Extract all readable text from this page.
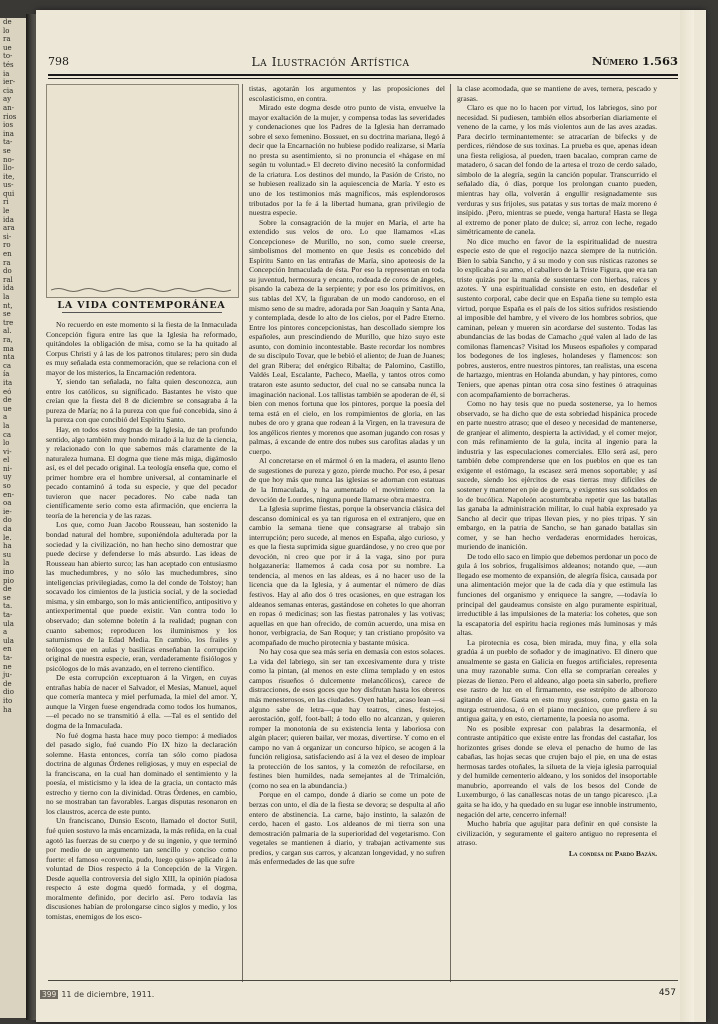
de
lo
ra
ue
to-
tés
ia
ier-
cia
ay
an-
rios
ios
ina
ta-
se
no-
llo-
ite,
us-
qui
ri
le
ida
ara
si-
ro
en
ra
do
ral
ida
la
nt,
se
tre
al.
ra,
ma
nta
ca
ía
ita
eó
de
ue
a
la
ca
lo
vi-
el
ni-
uy
so
en-
oa
ie-
do
da
le.
ha
su
la
ino
pio
de
se
ta.
ta-
ula
a
ula
en
ta-
ne
ju-
de
dio
ito
ha
798	La Ilustración Artística	Número 1.563
LA VIDA CONTEMPORÁNEA

No recuerdo en este momento si la fiesta de la Inmaculada Concepción figura entre las que la Iglesia ha reformado, quitándoles la obligación de misa, como se la ha quitado al Corpus Christi y á las de los patronos titulares; pero sin duda es muy señalada esta conmemoración, que se relaciona con el mayor de los misterios, la Encarnación redentora.

Y, siendo tan señalada, no falta quien desconozca, aun entre los católicos, su significado. Bastantes he visto que creían que la fiesta del 8 de diciembre se consagraba á la pureza de María; no á la pureza con que fué concebida, sino á la pureza con que concibió del Espíritu Santo.

Hay, en todos estos dogmas de la Iglesia, de tan profundo sentido, algo también muy hondo mirado á la luz de la ciencia, y relacionado con lo que sabemos más claramente de la naturaleza humana. El dogma que tiene más miga, digámoslo así, es el del pecado original. La teología enseña que, como el primer hombre era el hombre universal, al contaminarle el pecado contaminó á toda su especie, y que del pecador tuvieron que nacer pecadores. No cabe nada tan científicamente serio como esta afirmación, que encierra la teoría de la herencia y de las razas.

Los que, como Juan Jacobo Rousseau, han sostenido la bondad natural del hombre, suponiéndola adulterada por la sociedad y la civilización, no han hecho sino demostrar que puede decirse y defenderse lo más absurdo. Las ideas de Rousseau han abierto surco; las han aceptado con entusiasmo las muchedumbres, y no sólo las muchedumbres, sino inteligencias privilegiadas, como la del conde de Tolstoy; han socavado los cimientos de la justicia social, y de la sociedad misma, y sin embargo, son lo más anticientífico, antipositivo y antiexperimental que puede existir. Van contra todo lo observado; dan solemne boletín á la realidad; pugnan con cuanto sabemos; reproducen los iluminismos y los saturnismos de la Edad Media. En cambio, los frailes y teólogos que en aulas y basílicas enseñaban la corrupción original de nuestra especie, eran, verdaderamente fisiólogos y psicólogos de lo más avanzado, en el terreno científico.

De esta corrupción exceptuaron á la Virgen, en cuyas entrañas había de nacer el Salvador, el Mesías, Manuel, aquel que comería manteca y miel perfumada, la miel del amor. Y, aunque la Virgen fuese engendrada como todos los humanos, —el pecado no se transmitió á ella. —Tal es el sentido del dogma de la Inmaculada.

No fué dogma hasta hace muy poco tiempo: á mediados del pasado siglo, fué cuando Pío IX hizo la declaración solemne. Hasta entonces, corría tan sólo como piadosa doctrina de algunas Órdenes religiosas, y muy en especial de la franciscana, en la cual han dominado el sentimiento y la poesía, el misticismo y la idea de la gracia, un contacto más estrecho y tierno con la divinidad. Otras Órdenes, en cambio, no se mostraban tan favorables. Largas disputas resonaron en los claustros, acerca de este punto.

Un franciscano, Dunsio Escoto, llamado el doctor Sutil, fué quien sostuvo la más encarnizada, la más reñida, en la cual agotó las fuerzas de su cuerpo y de su ingenio, y que terminó por medio de un argumento tan sencillo y conciso como fuerte: el famoso «convenía, pudo, luego quiso» aplicado á la voluntad de Dios respecto á la Concepción de la Virgen. Desde aquella controversia del siglo XIII, la opinión piadosa respecto á este dogma quedó formada, y el dogma, moralmente definido, por decirlo así. Pero todavía las discusiones habían de prolongarse cinco siglos y medio, y los tomistas, enemigos de los esco-

tistas, agotarán los argumentos y las proposiciones del escolasticismo, en contra.

Mirado este dogma desde otro punto de vista, envuelve la mayor exaltación de la mujer, y compensa todas las severidades y condenaciones que los Padres de la Iglesia han derramado sobre el sexo femenino. Bossuet, en su doctrina mariana, llegó á decir que la Encarnación no hubiese podido realizarse, si María no presta su asentimiento, si no pronuncia el «hágase en mí según tu voluntad.» El decreto divino necesitó la conformidad de la criatura. Los destinos del mundo, la Pasión de Cristo, no se hubiesen realizado sin la aquiescencia de María. Y esto es uno de los testimonios más magníficos, más esplendorosos tributados por la fe á la libertad humana, gran privilegio de nuestra especie.

Sobre la consagración de la mujer en María, el arte ha extendido sus velos de oro. Lo que llamamos «Las Concepciones» de Murillo, no son, como suele creerse, simbolismos del momento en que Jesús es concebido del Espíritu Santo en las entrañas de María, sino apoteosis de la Concepción Inmaculada de ésta. Por eso la representan en toda su juventud, hermosura y encanto, rodeada de coros de ángeles, pisando la cabeza de la serpiente; y por eso los primitivos, en sus tablas del XV, la figuraban de un modo candoroso, en el mismo seno de su madre, adorada por San Joaquín y Santa Ana, y contemplada, desde lo alto de los cielos, por el Padre Eterno. Entre los pintores concepcionistas, han descollado siempre los españoles, aun prescindiendo de Murillo, que hizo suyo este asunto, con dominio incontestable. Baste recordar los nombres de su discípulo Tovar, que le bebió el aliento; de Juan de Juanes; del gran Ribera; del enérgico Ribalta; de Palomino, Castillo, Valdés Leal, Escalante, Pacheco, Maella, y tantos otros como trataron este asunto seductor, del cual no se cansaba nunca la imaginación nacional. Los tallistas también se apoderan de él, si bien con menos fortuna que los pintores, porque la poesía del tema está en el cielo, en los rompimientos de gloria, en las nubes de oro y grana que rodean á la Virgen, en la travesura de los angélicos rientes y morenos que asoman jugando con rosas y palmas, á excande de entre dos nubes sus carofitas aladas y un cuerpo.

Al concretarse en el mármol ó en la madera, el asunto lleno de sugestiones de pureza y gozo, pierde mucho. Por eso, á pesar de que hoy más que nunca las iglesias se adornan con estatuas de la Inmaculada, y ha aumentado el movimiento con la devoción de Lourdes, ninguna puede llamarse obra maestra.

La Iglesia suprime fiestas, porque la observancia clásica del descanso dominical es ya tan rigurosa en el extranjero, que en cambio la semana tiene que consagrarse al trabajo sin interrupción; pero sucede, al menos en España, algo curioso, y es que la fiesta suprimida sigue guardándose, y no creo que por devoción, ni creo que por ir á la vaga, sino por pura holgazanería: llamemos á cada cosa por su nombre. La tendencia, al menos en las aldeas, es á no hacer uso de la licencia que da la Iglesia, y á aumentar el número de días festivos. Hay al año dos ó tres ocasiones, en que estragan los aldeanos semanas enteras, gastándose en cohetes lo que ahorran en ropas ó medicinas; son las fiestas patronales y las votivas; aquellas en que han ofrecido, de común acuerdo, una misa en honor, verbigracia, de San Roque; y tan cristiano propósito va acompañado de mucho pirotecnia y bastante música.

No hay cosa que sea más seria en demasía con estos solaces. La vida del labriego, sin ser tan excesivamente dura y triste como la pintan, (al menos en este clima templado y en estos campos risueños ó dulcemente melancólicos), carece de distracciones, de esos goces que hoy disfrutan hasta los obreros más menesterosos, en las ciudades. Oyen hablar, acaso lean —si alguno sabe de letra—que hay teatros, cines, festejos, aerostación, golf, foot-ball; á todo ello no alcanzan, y quieren romper la monotonía de su existencia lenta y laboriosa con algún placer; quieren bailar, ver mozas, divertirse. Y como en el campo no van á organizar un concurso hípico, se acogen á la función religiosa, satisfaciendo así á la vez el deseo de imploar la protección de los santos, y la comezón de refocilarse, en festines bien humildes, nada semejantes al de Trimalción, (como no sea en la abundancia.)

Porque en el campo, donde á diario se come un pote de berzas con unto, el día de la fiesta se devora; se despulta al año entero de abstinencia. La carne, bajo instinto, la salazón de cerdo, hacen el gasto. Los aldeanos de mi tierra son una demostración palmaria de la superioridad del vegetarismo. Con vegetales se mantienen á diario, y trabajan activamente sus predios, y cargan sus carros, y alcanzan longevidad, y no sufren más enfermedades de las que sufre

la clase acomodada, que se mantiene de aves, ternera, pescado y grasas.

Claro es que no lo hacen por virtud, los labriegos, sino por necesidad. Si pudiesen, también ellos absorberían diariamente el veneno de la carne, y los más violentos aun de las aves azadas. Para decirlo terminantemente: se atracarían de bifecks y de perdices, riéndose de sus toxinas. La prueba es que, apenas idean una fiesta religiosa, al pueden, traen bacalao, compran carne de matadero, ó sacan del fondo de la artesa el trozo de cerdo salado, símbolo de la alegría, según la canción popular. Transcurrido el señalado día, ó días, porque los prolongan cuanto pueden, mientras hay olla, volverán á engullir resignadamente sus verduras y sus frijoles, sus patatas y sus tortas de maíz moreno é insípido. ¡Pero, mientras se puede, venga hartura! Hasta se llega al extremo de poner plato de dulce; sí, arroz con leche, regado simétricamente de canela.

No dice mucho en favor de la espiritualidad de nuestra especie esto de que el regocijo nazca siempre de la nutrición. Bien lo sabía Sancho, y á su modo y con sus rústicas razones se lo explicaba á su amo, el caballero de la Triste Figura, que era tan triste quizás por la manía de sustentarse con hierbas, raíces y azotes. Y una espiritualidad consiste en esto, en desdeñar el sustento corporal, cabe decir que en España tiene su templo esta virtud, porque España es el país de los sitios sufridos resistiendo al imposible del hambre, y el vivero de los hombres sobrios, que caminan, pelean y mueren sin acordarse del sustento. Todas las abundancias de las bodas de Camacho ¿qué valen al lado de las comilonas flamencas? Visitad los Museos españoles y comparad los bodegones de los ingleses, holandeses y flamencos: son pobres, austeros, entre nuestros pintores, tan realistas, una escena de hartazgo, mientras en Holanda abundan, y hay pintores, como Teniers, que apenas pintan otra cosa sino festines ó atraquinas con acompañamiento de borracheras.

Como no hay tesis que no pueda sostenerse, ya lo hemos observado, se ha dicho que de esta sobriedad hispánica procede en parte nuestro atraso; que el deseo y necesidad de mantenerse, de granjear el alimento, despierta la actividad, y el comer mejor, con más refinamiento de la gula, incita al ingenio para la industria y las especulaciones comerciales. Ello será así, pero también debe comprenderse que en los pueblos en que es tan exigente el estómago, la escasez será menos soportable; y así sucede, siendo los ejércitos de esas tierras muy difíciles de sostener y mantener en pie de guerra, y exigentes sus soldados en lo de bucólica. Napoleón acostumbraba repetir que las batallas las ganaba la administración militar, lo cual había expresado ya Sancho al decir que tripas llevan pies, y no pies tripas. Y sin embargo, en la patria de Sancho, se han ganado batallas sin comer, y se han hecho verdaderas enormidades heroicas, muriendo de inanición.

De todo ello saco en limpio que debemos perdonar un poco de gula á los sobrios, frugalísimos aldeanos; notando que, —aun llegado ese momento de expansión, de alegría física, causada por una alimentación mejor que la de cada día y que estimula las funciones del organismo y enriquece la sangre, —todavía lo principal del gaudeamus consiste en algo puramente espiritual, irreductible á las impulsiones de la materia: los cohetes, que son la escapatoria del espíritu hacia regiones más luminosas y más altas.

La pirotecnia es cosa, bien mirada, muy fina, y ella sola gradúa á un pueblo de soñador y de imaginativo. El dinero que anualmente se gasta en Galicia en fuegos artificiales, representa una muy razonable suma. Con ella se comprarían cereales y piezas de lienzo. Pero el aldeano, algo poeta sin saberlo, prefiere ese rastro de luz en el firmamento, ese estrépito de alborozo agitando el aire. Gasta en esto muy gustoso, como gasta en la murga estruendosa, ó en el piano mecánico, que prefiere á su antigua gaita, y en esto, ciertamente, la poesía no asoma.

No es posible expresar con palabras la desarmonía, el contraste antipático que existe entre las frondas del castañar, los horizontes grises donde se eleva el penacho de humo de las cabañas, las hojas secas que crujen bajo el pie, en una de estas hermosas tardes otoñales, la silueta de la vieja iglesia parroquial y del humilde cementerio aldeano, y los sonidos del insoportable manubrio, aporreando el vals de los besos del Conde de Luxemburgo, ó las canallescas notas de un tango picaresco. ¡La gaita se ha ido, y ha quedado en su lugar ese innoble instrumento, negación del arte, cencerro infernal!

Mucho habría que agujitar para definir en qué consiste la civilización, y seguramente el gaitero antiguo no representa el atraso.

La condesa de Pardo Bazán.
457
399 11 de diciembre, 1911.
